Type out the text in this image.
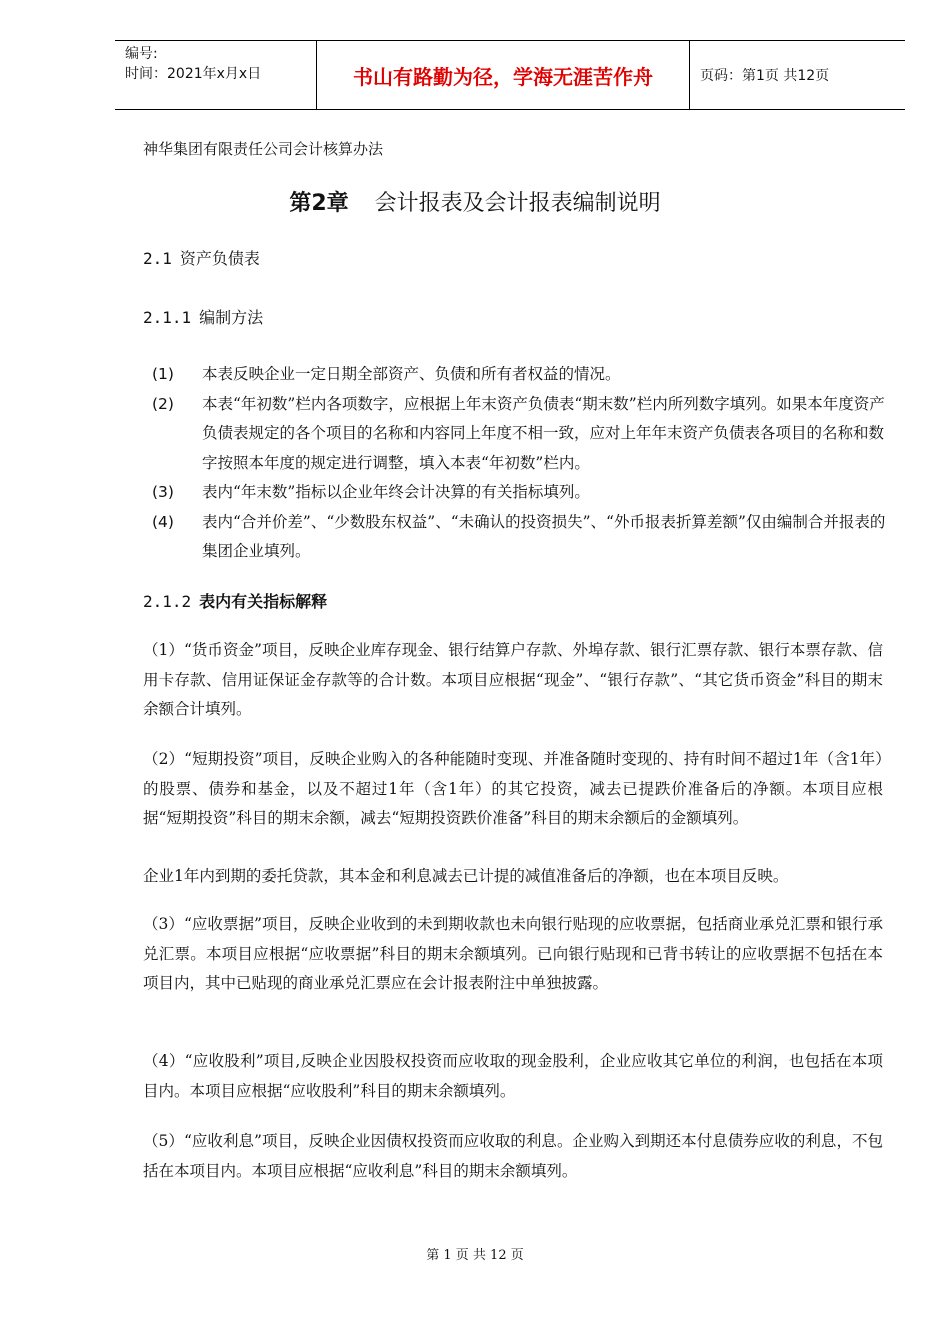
编号:
时间：2021年x月x日	书山有路勤为径，学海无涯苦作舟	页码：第1页 共12页
神华集团有限责任公司会计核算办法
第2章 会计报表及会计报表编制说明
2.1 资产负债表
2.1.1 编制方法
(1) 本表反映企业一定日期全部资产、负债和所有者权益的情况。
(2) 本表“年初数”栏内各项数字，应根据上年末资产负债表“期末数”栏内所列数字填列。如果本年度资产负债表规定的各个项目的名称和内容同上年度不相一致，应对上年年末资产负债表各项目的名称和数字按照本年度的规定进行调整，填入本表“年初数”栏内。
(3) 表内“年末数”指标以企业年终会计决算的有关指标填列。
(4) 表内“合并价差”、“少数股东权益”、“未确认的投资损失”、“外币报表折算差额”仅由编制合并报表的集团企业填列。
2.1.2 表内有关指标解释

（1）“货币资金”项目，反映企业库存现金、银行结算户存款、外埠存款、银行汇票存款、银行本票存款、信用卡存款、信用证保证金存款等的合计数。本项目应根据“现金”、“银行存款”、“其它货币资金”科目的期末余额合计填列。

（2）“短期投资”项目，反映企业购入的各种能随时变现、并准备随时变现的、持有时间不超过1年（含1年）的股票、债券和基金，以及不超过1年（含1年）的其它投资，减去已提跌价准备后的净额。本项目应根据“短期投资”科目的期末余额，减去“短期投资跌价准备”科目的期末余额后的金额填列。

企业1年内到期的委托贷款，其本金和利息减去已计提的减值准备后的净额，也在本项目反映。

（3）“应收票据”项目，反映企业收到的未到期收款也未向银行贴现的应收票据，包括商业承兑汇票和银行承兑汇票。本项目应根据“应收票据”科目的期末余额填列。已向银行贴现和已背书转让的应收票据不包括在本项目内，其中已贴现的商业承兑汇票应在会计报表附注中单独披露。

（4）“应收股利”项目,反映企业因股权投资而应收取的现金股利，企业应收其它单位的利润，也包括在本项目内。本项目应根据“应收股利”科目的期末余额填列。

（5）“应收利息”项目，反映企业因债权投资而应收取的利息。企业购入到期还本付息债券应收的利息，不包括在本项目内。本项目应根据“应收利息”科目的期末余额填列。

第 1 页 共 12 页
